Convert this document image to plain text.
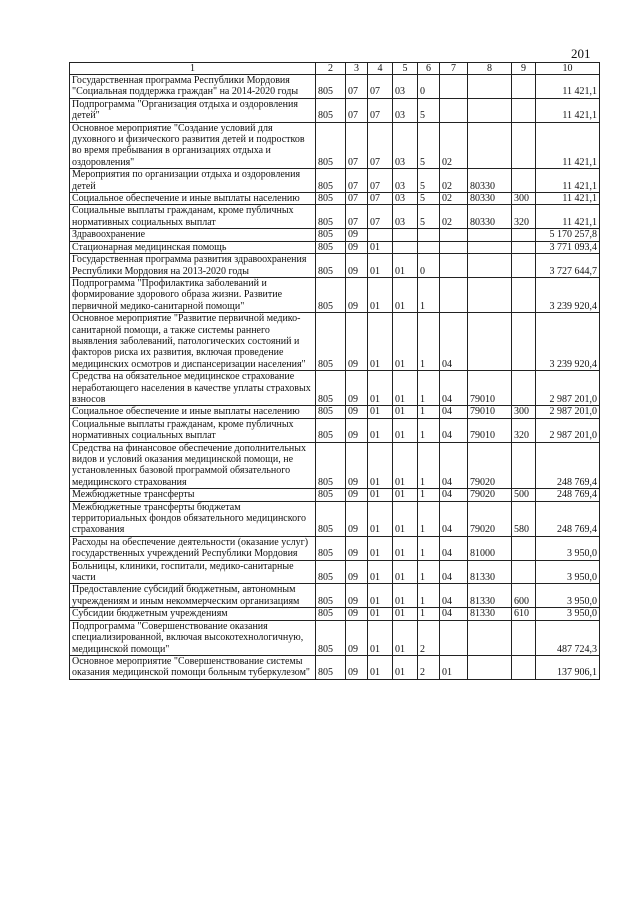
201
1	2	3	4	5	6	7	8	9	10
Государственная программа Республики Мордовия "Социальная поддержка граждан" на 2014-2020 годы	805	07	07	03	0				11 421,1
Подпрограмма "Организация отдыха и оздоровления детей"	805	07	07	03	5				11 421,1
Основное мероприятие "Создание условий для духовного и физического развития детей и подростков во время пребывания в организациях отдыха и оздоровления"	805	07	07	03	5	02			11 421,1
Мероприятия по организации отдыха и оздоровления детей	805	07	07	03	5	02	80330		11 421,1
Социальное обеспечение и иные выплаты населению	805	07	07	03	5	02	80330	300	11 421,1
Социальные выплаты гражданам, кроме публичных нормативных социальных выплат	805	07	07	03	5	02	80330	320	11 421,1
Здравоохранение	805	09							5 170 257,8
Стационарная медицинская помощь	805	09	01						3 771 093,4
Государственная программа развития здравоохранения Республики Мордовия на 2013-2020 годы	805	09	01	01	0				3 727 644,7
Подпрограмма "Профилактика заболеваний и формирование здорового образа жизни. Развитие первичной медико-санитарной помощи"	805	09	01	01	1				3 239 920,4
Основное мероприятие "Развитие первичной медико-санитарной помощи, а также системы раннего выявления заболеваний, патологических состояний и факторов риска их развития, включая проведение медицинских осмотров и диспансеризации населения"	805	09	01	01	1	04			3 239 920,4
Средства на обязательное медицинское страхование неработающего населения в качестве уплаты страховых взносов	805	09	01	01	1	04	79010		2 987 201,0
Социальное обеспечение и иные выплаты населению	805	09	01	01	1	04	79010	300	2 987 201,0
Социальные выплаты гражданам, кроме публичных нормативных социальных выплат	805	09	01	01	1	04	79010	320	2 987 201,0
Средства на финансовое обеспечение дополнительных видов и условий оказания медицинской помощи, не установленных базовой программой обязательного медицинского страхования	805	09	01	01	1	04	79020		248 769,4
Межбюджетные трансферты	805	09	01	01	1	04	79020	500	248 769,4
Межбюджетные трансферты бюджетам территориальных фондов обязательного медицинского страхования	805	09	01	01	1	04	79020	580	248 769,4
Расходы на обеспечение деятельности (оказание услуг) государственных учреждений Республики Мордовия	805	09	01	01	1	04	81000		3 950,0
Больницы, клиники, госпитали, медико-санитарные части	805	09	01	01	1	04	81330		3 950,0
Предоставление субсидий бюджетным, автономным учреждениям и иным некоммерческим организациям	805	09	01	01	1	04	81330	600	3 950,0
Субсидии бюджетным учреждениям	805	09	01	01	1	04	81330	610	3 950,0
Подпрограмма "Совершенствование оказания специализированной, включая высокотехнологичную, медицинской помощи"	805	09	01	01	2				487 724,3
Основное мероприятие "Совершенствование системы оказания медицинской помощи больным туберкулезом"	805	09	01	01	2	01			137 906,1
